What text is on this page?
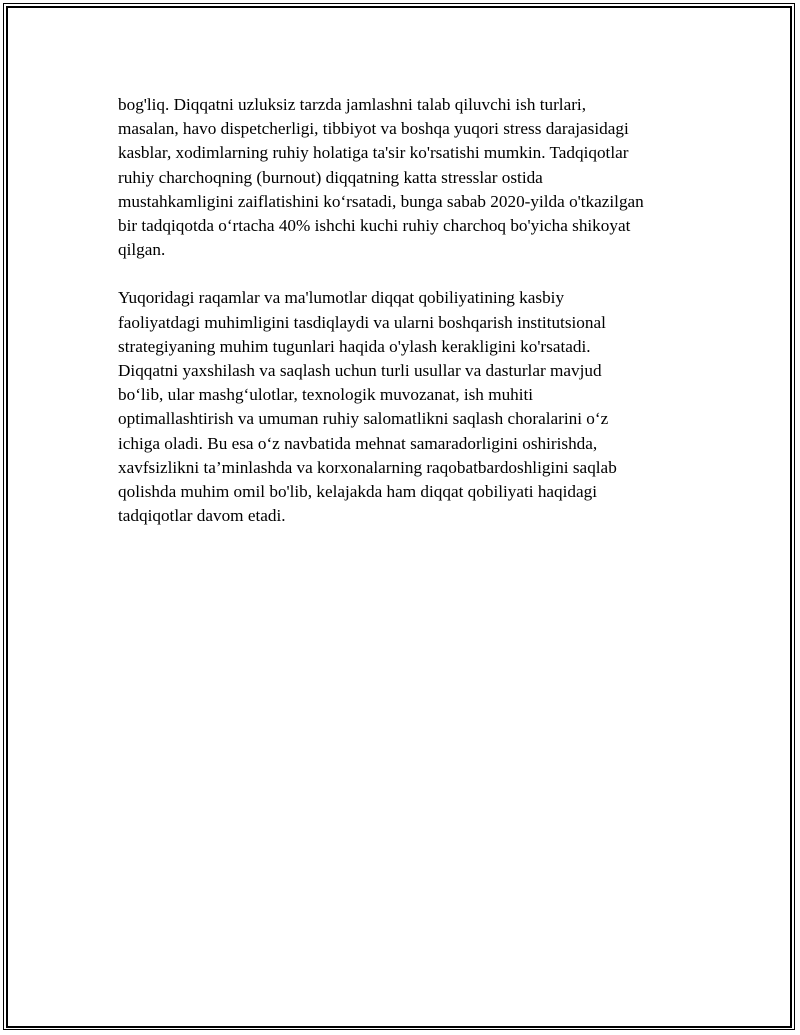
bog'liq. Diqqatni uzluksiz tarzda jamlashni talab qiluvchi ish turlari,
masalan, havo dispetcherligi, tibbiyot va boshqa yuqori stress darajasidagi
kasblar, xodimlarning ruhiy holatiga ta'sir ko'rsatishi mumkin. Tadqiqotlar
ruhiy charchoqning (burnout) diqqatning katta stresslar ostida
mustahkamligini zaiflatishini ko‘rsatadi, bunga sabab 2020-yilda o'tkazilgan
bir tadqiqotda o‘rtacha 40% ishchi kuchi ruhiy charchoq bo'yicha shikoyat
qilgan.

Yuqoridagi raqamlar va ma'lumotlar diqqat qobiliyatining kasbiy
faoliyatdagi muhimligini tasdiqlaydi va ularni boshqarish institutsional
strategiyaning muhim tugunlari haqida o'ylash kerakligini ko'rsatadi.
Diqqatni yaxshilash va saqlash uchun turli usullar va dasturlar mavjud
bo‘lib, ular mashg‘ulotlar, texnologik muvozanat, ish muhiti
optimallashtirish va umuman ruhiy salomatlikni saqlash choralarini o‘z
ichiga oladi. Bu esa o‘z navbatida mehnat samaradorligini oshirishda,
xavfsizlikni ta’minlashda va korxonalarning raqobatbardoshligini saqlab
qolishda muhim omil bo'lib, kelajakda ham diqqat qobiliyati haqidagi
tadqiqotlar davom etadi.
